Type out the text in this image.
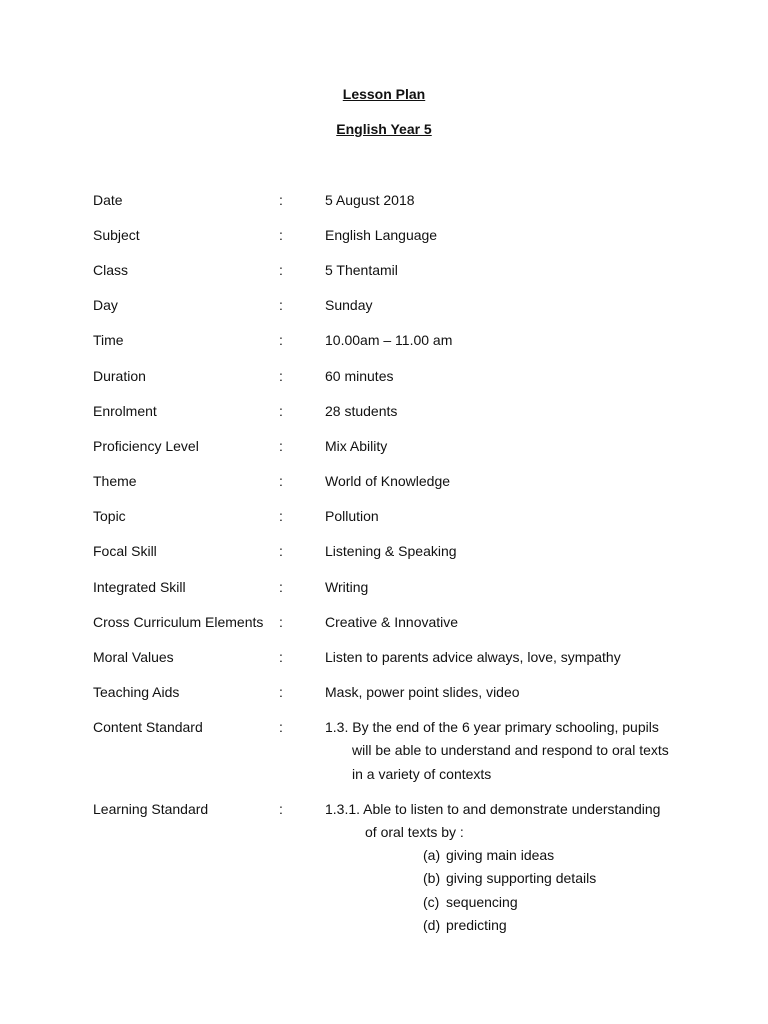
Lesson Plan
English Year 5
Date	:	5 August 2018
Subject	:	English Language
Class	:	5 Thentamil
Day	:	Sunday
Time	:	10.00am – 11.00 am
Duration	:	60 minutes
Enrolment	:	28 students
Proficiency Level	:	Mix Ability
Theme	:	World of Knowledge
Topic	:	Pollution
Focal Skill	:	Listening & Speaking
Integrated Skill	:	Writing
Cross Curriculum Elements :	Creative & Innovative
Moral Values	:	Listen to parents advice always, love, sympathy
Teaching Aids	:	Mask, power point slides, video
Content Standard	:	1.3. By the end of the 6 year primary schooling, pupils
will be able to understand and respond to oral texts
in a variety of contexts
Learning Standard	:	1.3.1. Able to listen to and demonstrate understanding
of oral texts by :
(a) giving main ideas
(b) giving supporting details
(c) sequencing
(d) predicting
